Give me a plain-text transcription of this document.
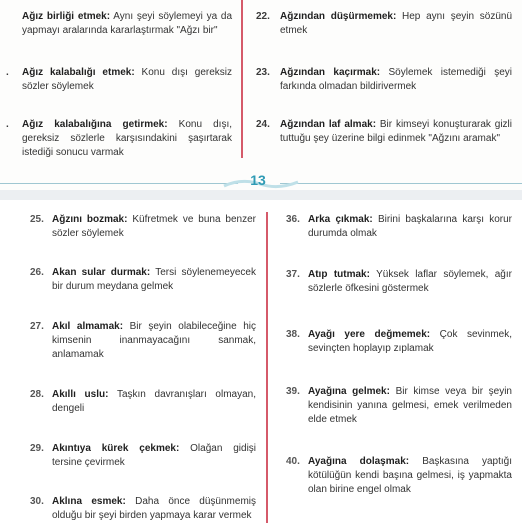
Ağız birliği etmek: Aynı şeyi söylemeyi ya da yapmayı aralarında kararlaştırmak "Ağzı bir"
. Ağız kalabalığı etmek: Konu dışı gereksiz sözler söylemek
. Ağız kalabalığına getirmek: Konu dışı, gereksiz sözlerle karşısındakini şaşırtarak istediği sonucu varmak
22. Ağzından düşürmemek: Hep aynı şeyin sözünü etmek
23. Ağzından kaçırmak: Söylemek istemediği şeyi farkında olmadan bildirivermek
24. Ağzından laf almak: Bir kimseyi konuşturarak gizli tuttuğu şey üzerine bilgi edinmek "Ağzını aramak"
13
25. Ağzını bozmak: Küfretmek ve buna benzer sözler söylemek
26. Akan sular durmak: Tersi söylenemeyecek bir durum meydana gelmek
27. Akıl almamak: Bir şeyin olabileceğine hiç kimsenin inanmayacağını sanmak, anlamamak
28. Akıllı uslu: Taşkın davranışları olmayan, dengeli
29. Akıntıya kürek çekmek: Olağan gidişi tersine çevirmek
30. Aklına esmek: Daha önce düşünmemiş olduğu bir şeyi birden yapmaya karar vermek
36. Arka çıkmak: Birini başkalarına karşı korur durumda olmak
37. Atıp tutmak: Yüksek laflar söylemek, ağır sözlerle öfkesini göstermek
38. Ayağı yere değmemek: Çok sevinmek, sevinçten hoplayıp zıplamak
39. Ayağına gelmek: Bir kimse veya bir şeyin kendisinin yanına gelmesi, emek verilmeden elde etmek
40. Ayağına dolaşmak: Başkasına yaptığı kötülüğün kendi başına gelmesi, iş yapmakta olan birine engel olmak
